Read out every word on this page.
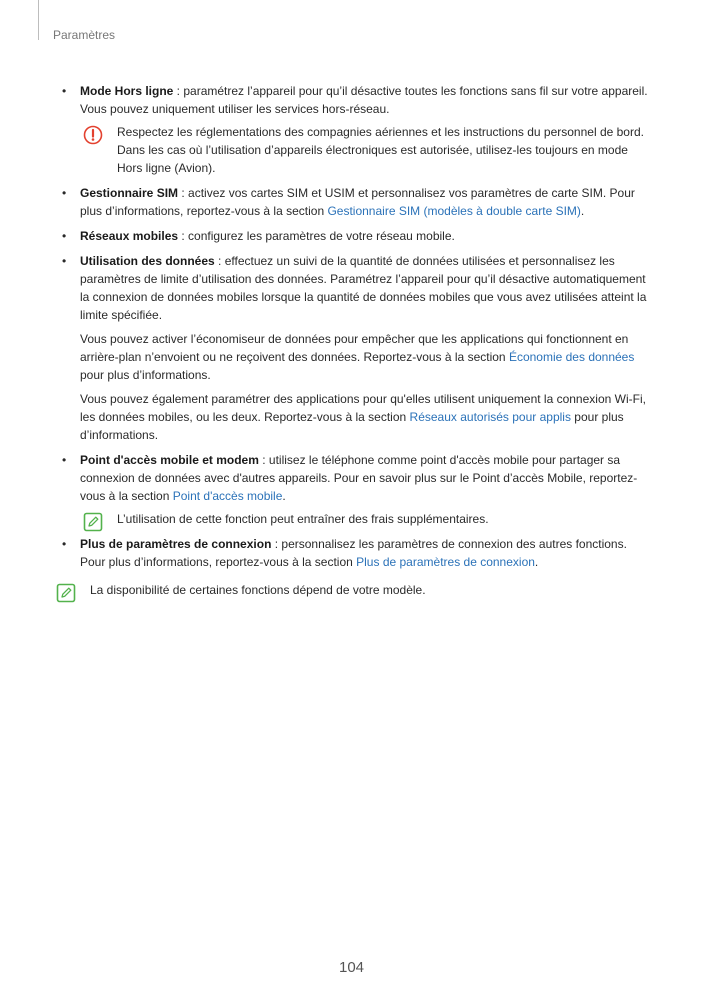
Paramètres
• Mode Hors ligne : paramétrez l’appareil pour qu’il désactive toutes les fonctions sans fil sur votre appareil. Vous pouvez uniquement utiliser les services hors-réseau.

Respectez les réglementations des compagnies aériennes et les instructions du personnel de bord. Dans les cas où l’utilisation d’appareils électroniques est autorisée, utilisez-les toujours en mode Hors ligne (Avion).
• Gestionnaire SIM : activez vos cartes SIM et USIM et personnalisez vos paramètres de carte SIM. Pour plus d’informations, reportez-vous à la section Gestionnaire SIM (modèles à double carte SIM).

• Réseaux mobiles : configurez les paramètres de votre réseau mobile.

• Utilisation des données : effectuez un suivi de la quantité de données utilisées et personnalisez les paramètres de limite d’utilisation des données. Paramétrez l’appareil pour qu’il désactive automatiquement la connexion de données mobiles lorsque la quantité de données mobiles que vous avez utilisées atteint la limite spécifiée.

Vous pouvez activer l’économiseur de données pour empêcher que les applications qui fonctionnent en arrière-plan n’envoient ou ne reçoivent des données. Reportez-vous à la section Économie des données pour plus d’informations.

Vous pouvez également paramétrer des applications pour qu'elles utilisent uniquement la connexion Wi-Fi, les données mobiles, ou les deux. Reportez-vous à la section Réseaux autorisés pour applis pour plus d’informations.

• Point d'accès mobile et modem : utilisez le téléphone comme point d'accès mobile pour partager sa connexion de données avec d'autres appareils. Pour en savoir plus sur le Point d’accès Mobile, reportez-vous à la section Point d'accès mobile.

L’utilisation de cette fonction peut entraîner des frais supplémentaires.
• Plus de paramètres de connexion : personnalisez les paramètres de connexion des autres fonctions. Pour plus d’informations, reportez-vous à la section Plus de paramètres de connexion.

La disponibilité de certaines fonctions dépend de votre modèle.
104
